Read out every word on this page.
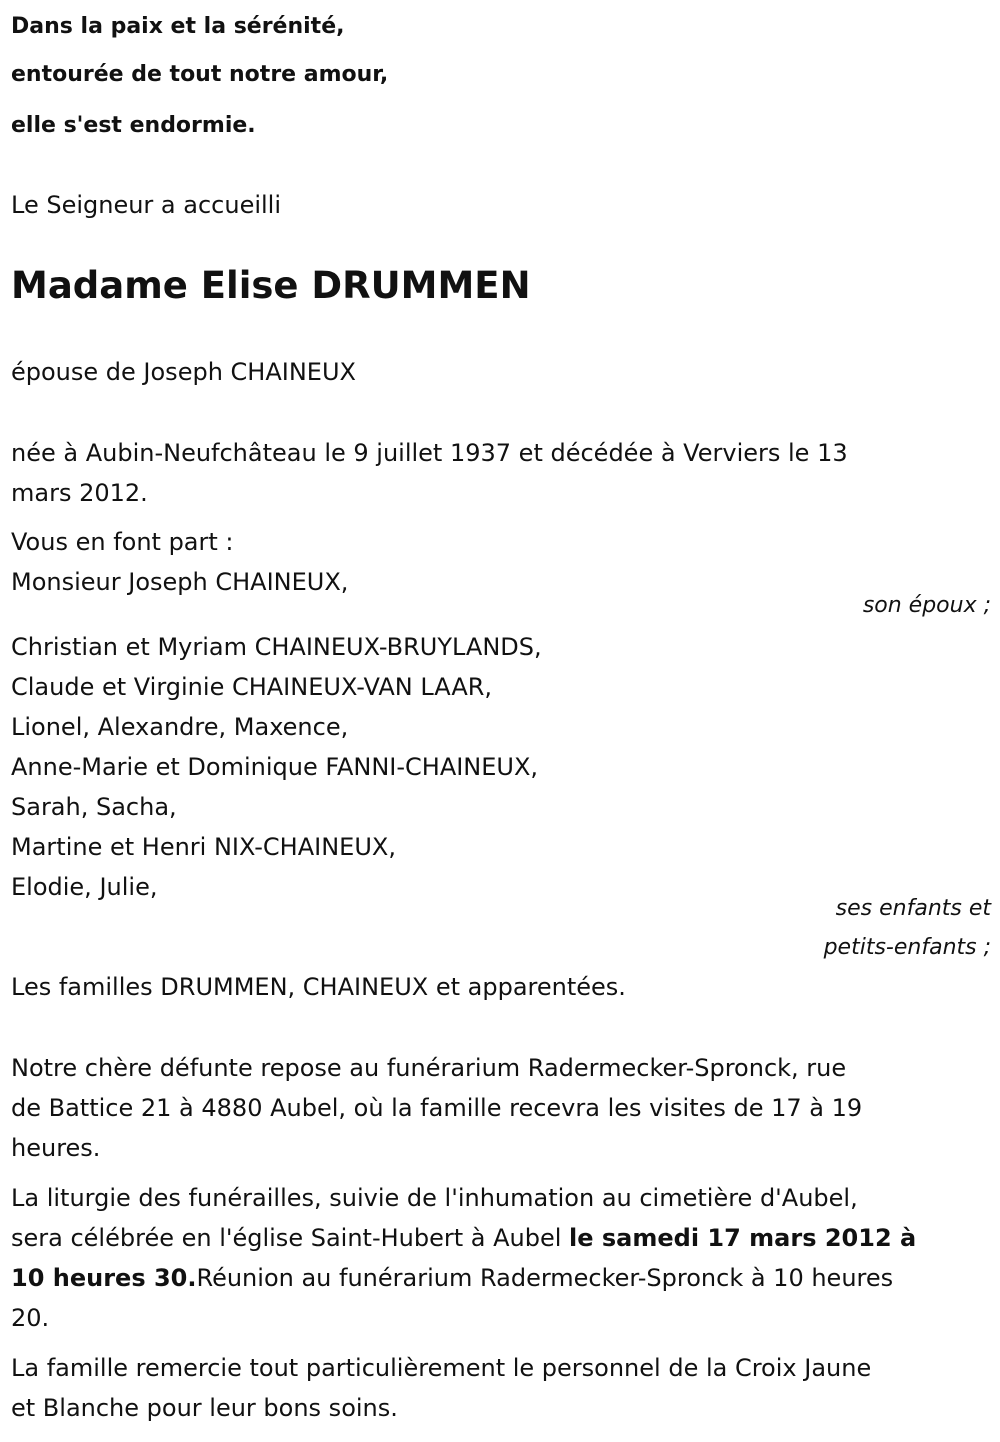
Dans la paix et la sérénité,
entourée de tout notre amour,
elle s'est endormie.
Le Seigneur a accueilli
Madame Elise DRUMMEN
épouse de Joseph CHAINEUX
née à Aubin-Neufchâteau le 9 juillet 1937 et décédée à Verviers le 13
mars 2012.
Vous en font part :
Monsieur Joseph CHAINEUX,
son époux ;
Christian et Myriam CHAINEUX-BRUYLANDS,
Claude et Virginie CHAINEUX-VAN LAAR,
Lionel, Alexandre, Maxence,
Anne-Marie et Dominique FANNI-CHAINEUX,
Sarah, Sacha,
Martine et Henri NIX-CHAINEUX,
Elodie, Julie,
ses enfants et
petits-enfants ;
Les familles DRUMMEN, CHAINEUX et apparentées.
Notre chère défunte repose au funérarium Radermecker-Spronck, rue
de Battice 21 à 4880 Aubel, où la famille recevra les visites de 17 à 19
heures.
La liturgie des funérailles, suivie de l'inhumation au cimetière d'Aubel,
sera célébrée en l'église Saint-Hubert à Aubel le samedi 17 mars 2012 à
10 heures 30.Réunion au funérarium Radermecker-Spronck à 10 heures
20.
La famille remercie tout particulièrement le personnel de la Croix Jaune
et Blanche pour leur bons soins.
